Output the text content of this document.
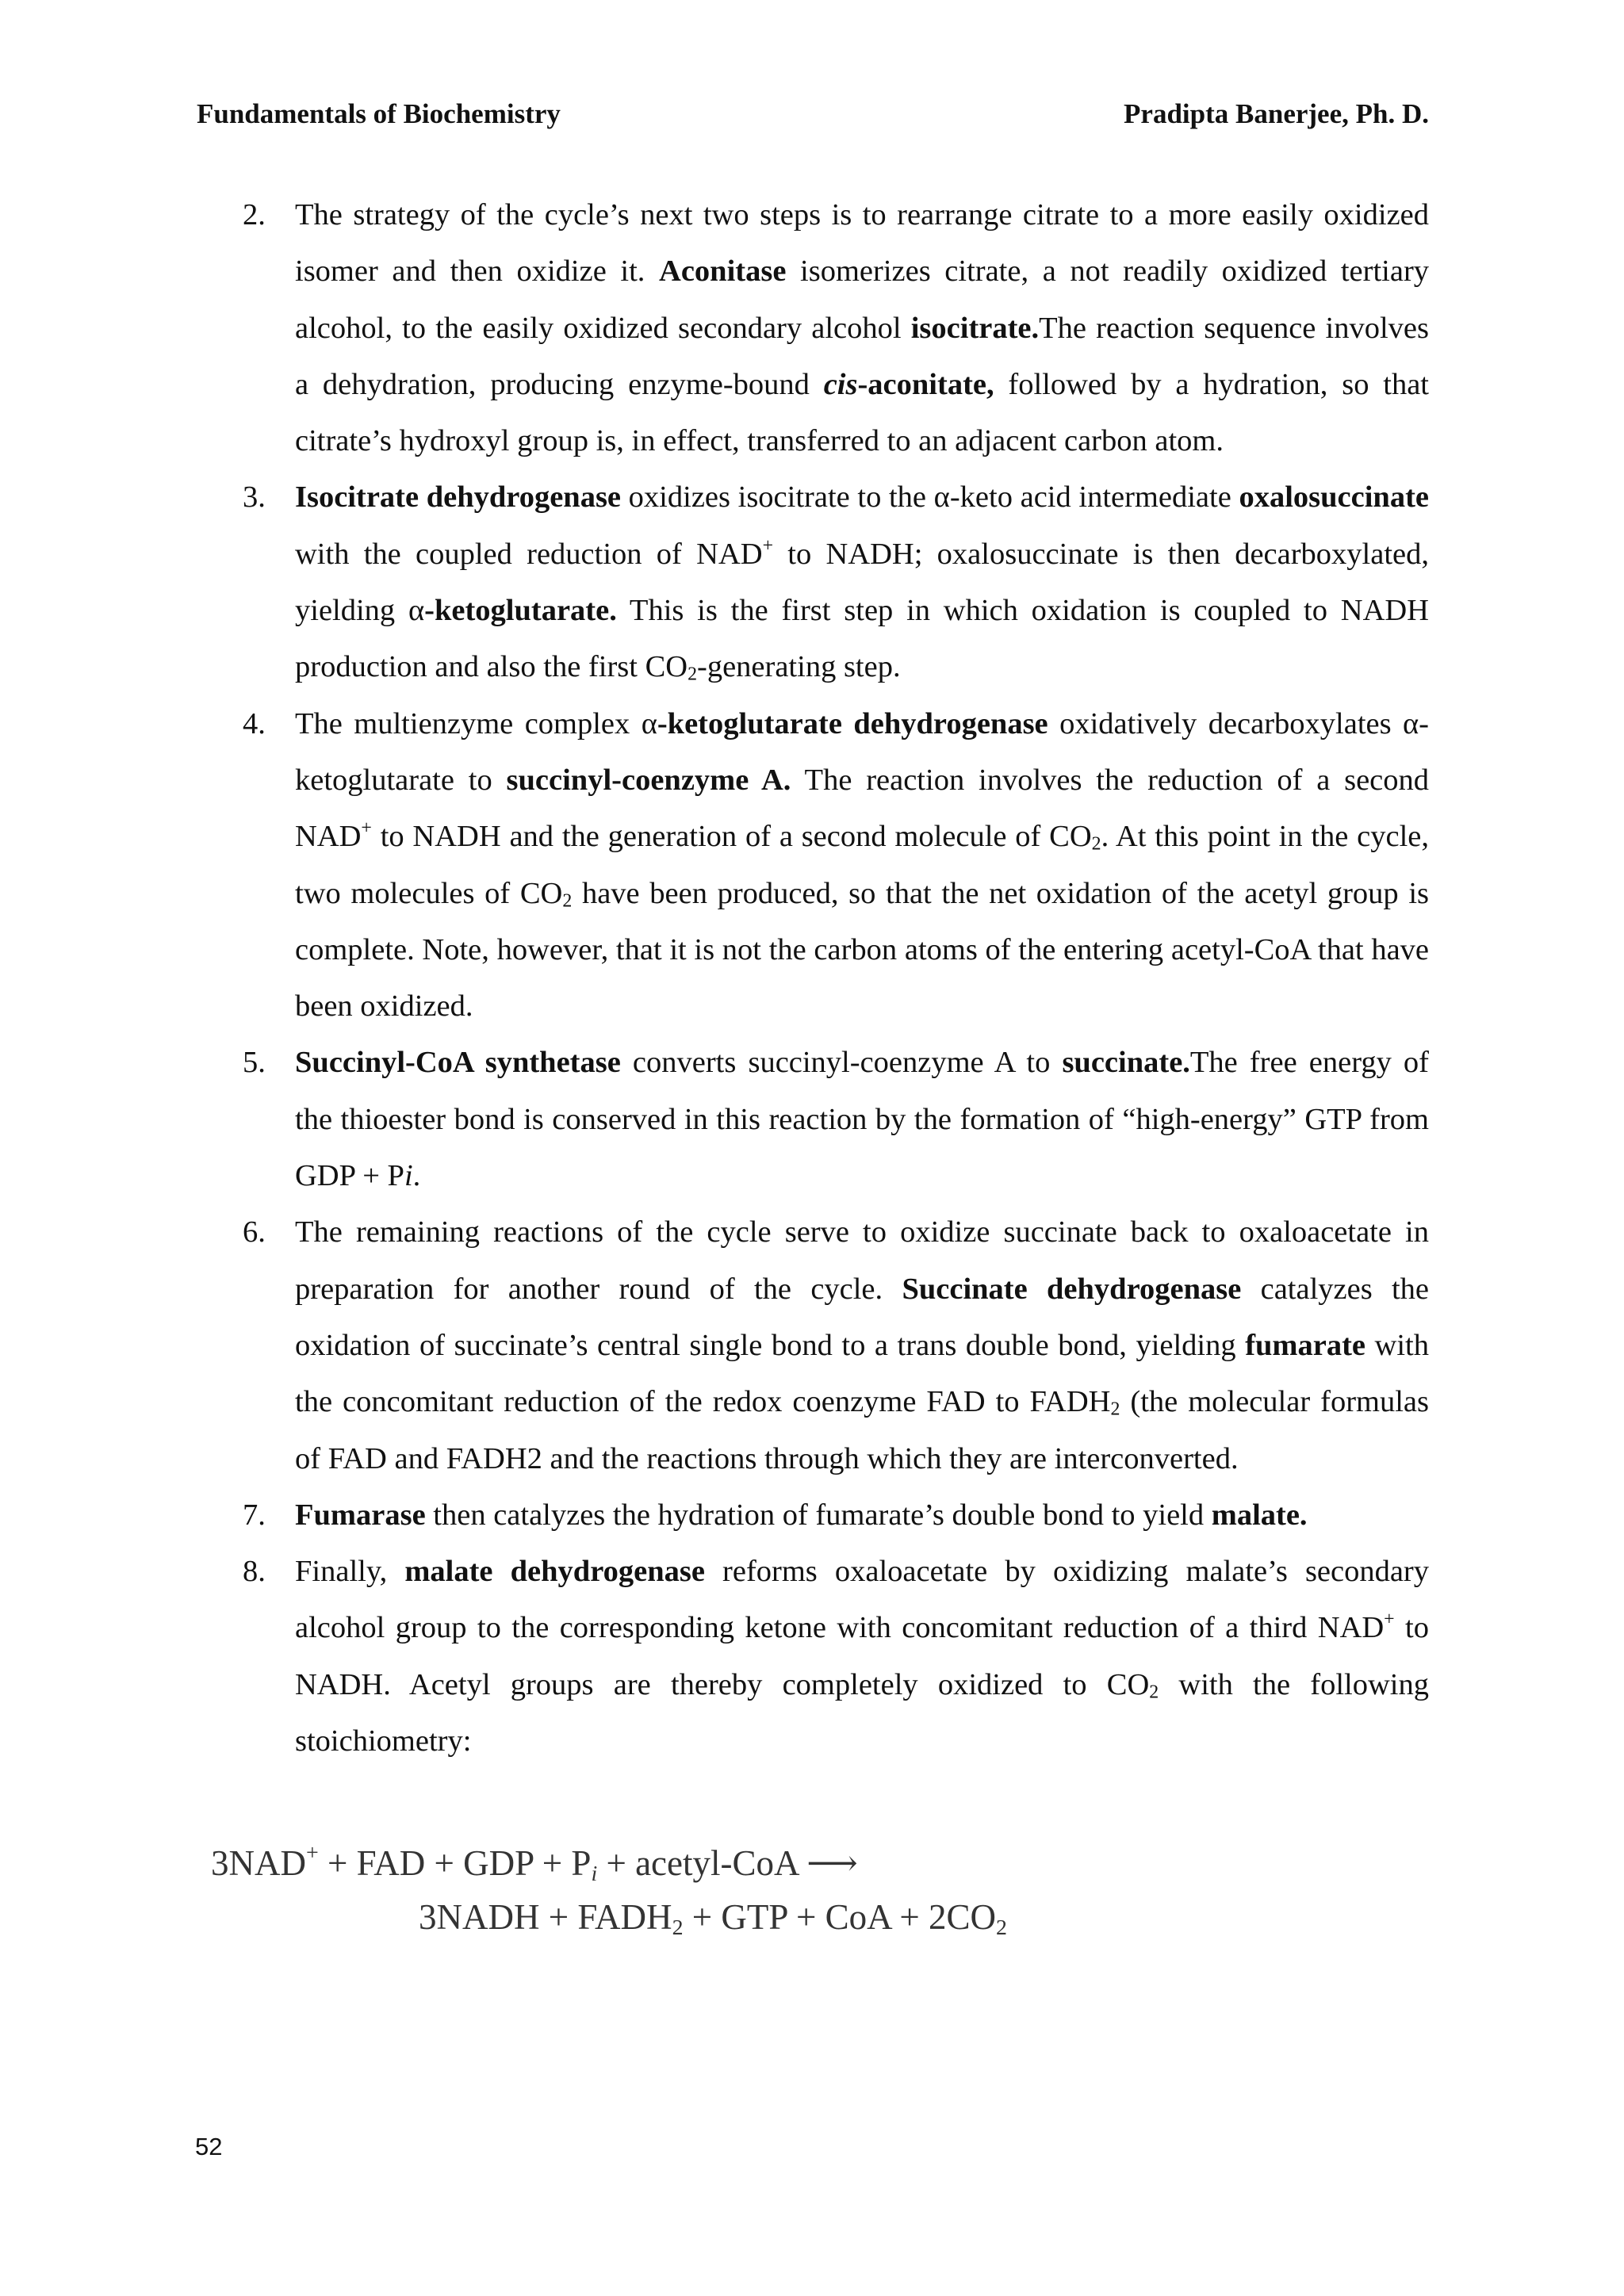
Fundamentals of Biochemistry	Pradipta Banerjee, Ph. D.
2. The strategy of the cycle’s next two steps is to rearrange citrate to a more easily oxidized isomer and then oxidize it. Aconitase isomerizes citrate, a not readily oxidized tertiary alcohol, to the easily oxidized secondary alcohol isocitrate.The reaction sequence involves a dehydration, producing enzyme-bound cis-aconitate, followed by a hydration, so that citrate’s hydroxyl group is, in effect, transferred to an adjacent carbon atom.
3. Isocitrate dehydrogenase oxidizes isocitrate to the α-keto acid intermediate oxalosuccinate with the coupled reduction of NAD+ to NADH; oxalosuccinate is then decarboxylated, yielding α-ketoglutarate. This is the first step in which oxidation is coupled to NADH production and also the first $CO_2$-generating step.
4. The multienzyme complex α-ketoglutarate dehydrogenase oxidatively decarboxylates α-ketoglutarate to succinyl-coenzyme A. The reaction involves the reduction of a second NAD+ to NADH and the generation of a second molecule of $CO_2$. At this point in the cycle, two molecules of $CO_2$ have been produced, so that the net oxidation of the acetyl group is complete. Note, however, that it is not the carbon atoms of the entering acetyl-CoA that have been oxidized.
5. Succinyl-CoA synthetase converts succinyl-coenzyme A to succinate.The free energy of the thioester bond is conserved in this reaction by the formation of “high-energy” GTP from GDP + Pi.
6. The remaining reactions of the cycle serve to oxidize succinate back to oxaloacetate in preparation for another round of the cycle. Succinate dehydrogenase catalyzes the oxidation of succinate’s central single bond to a trans double bond, yielding fumarate with the concomitant reduction of the redox coenzyme FAD to $FADH_2$ (the molecular formulas of FAD and FADH2 and the reactions through which they are interconverted.
7. Fumarase then catalyzes the hydration of fumarate’s double bond to yield malate.
8. Finally, malate dehydrogenase reforms oxaloacetate by oxidizing malate’s secondary alcohol group to the corresponding ketone with concomitant reduction of a third NAD+ to NADH. Acetyl groups are thereby completely oxidized to $CO_2$ with the following stoichiometry:
3NAD+ + FAD + GDP + Pi + acetyl-CoA ⟶
3NADH + FADH2 + GTP + CoA + 2CO2
52
